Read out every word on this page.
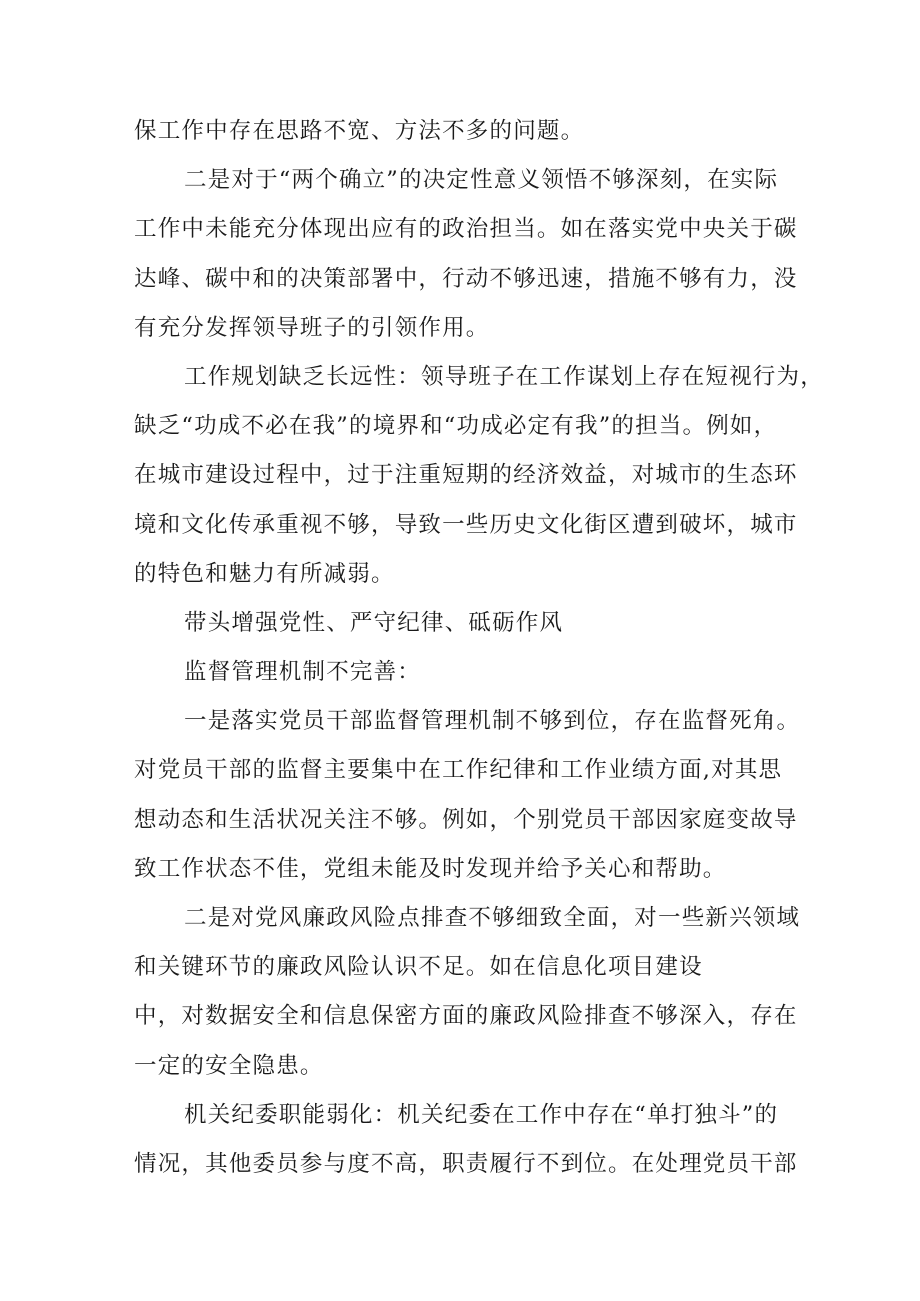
保工作中存在思路不宽、方法不多的问题。
二是对于“两个确立”的决定性意义领悟不够深刻，在实际
工作中未能充分体现出应有的政治担当。如在落实党中央关于碳
达峰、碳中和的决策部署中，行动不够迅速，措施不够有力，没
有充分发挥领导班子的引领作用。
工作规划缺乏长远性：领导班子在工作谋划上存在短视行为，
缺乏“功成不必在我”的境界和“功成必定有我”的担当。例如，
在城市建设过程中，过于注重短期的经济效益，对城市的生态环
境和文化传承重视不够，导致一些历史文化街区遭到破坏，城市
的特色和魅力有所减弱。
带头增强党性、严守纪律、砥砺作风
监督管理机制不完善：
一是落实党员干部监督管理机制不够到位，存在监督死角。
对党员干部的监督主要集中在工作纪律和工作业绩方面,对其思
想动态和生活状况关注不够。例如，个别党员干部因家庭变故导
致工作状态不佳，党组未能及时发现并给予关心和帮助。
二是对党风廉政风险点排查不够细致全面，对一些新兴领域
和关键环节的廉政风险认识不足。如在信息化项目建设
中，对数据安全和信息保密方面的廉政风险排查不够深入，存在
一定的安全隐患。
机关纪委职能弱化：机关纪委在工作中存在“单打独斗”的
情况，其他委员参与度不高，职责履行不到位。在处理党员干部
